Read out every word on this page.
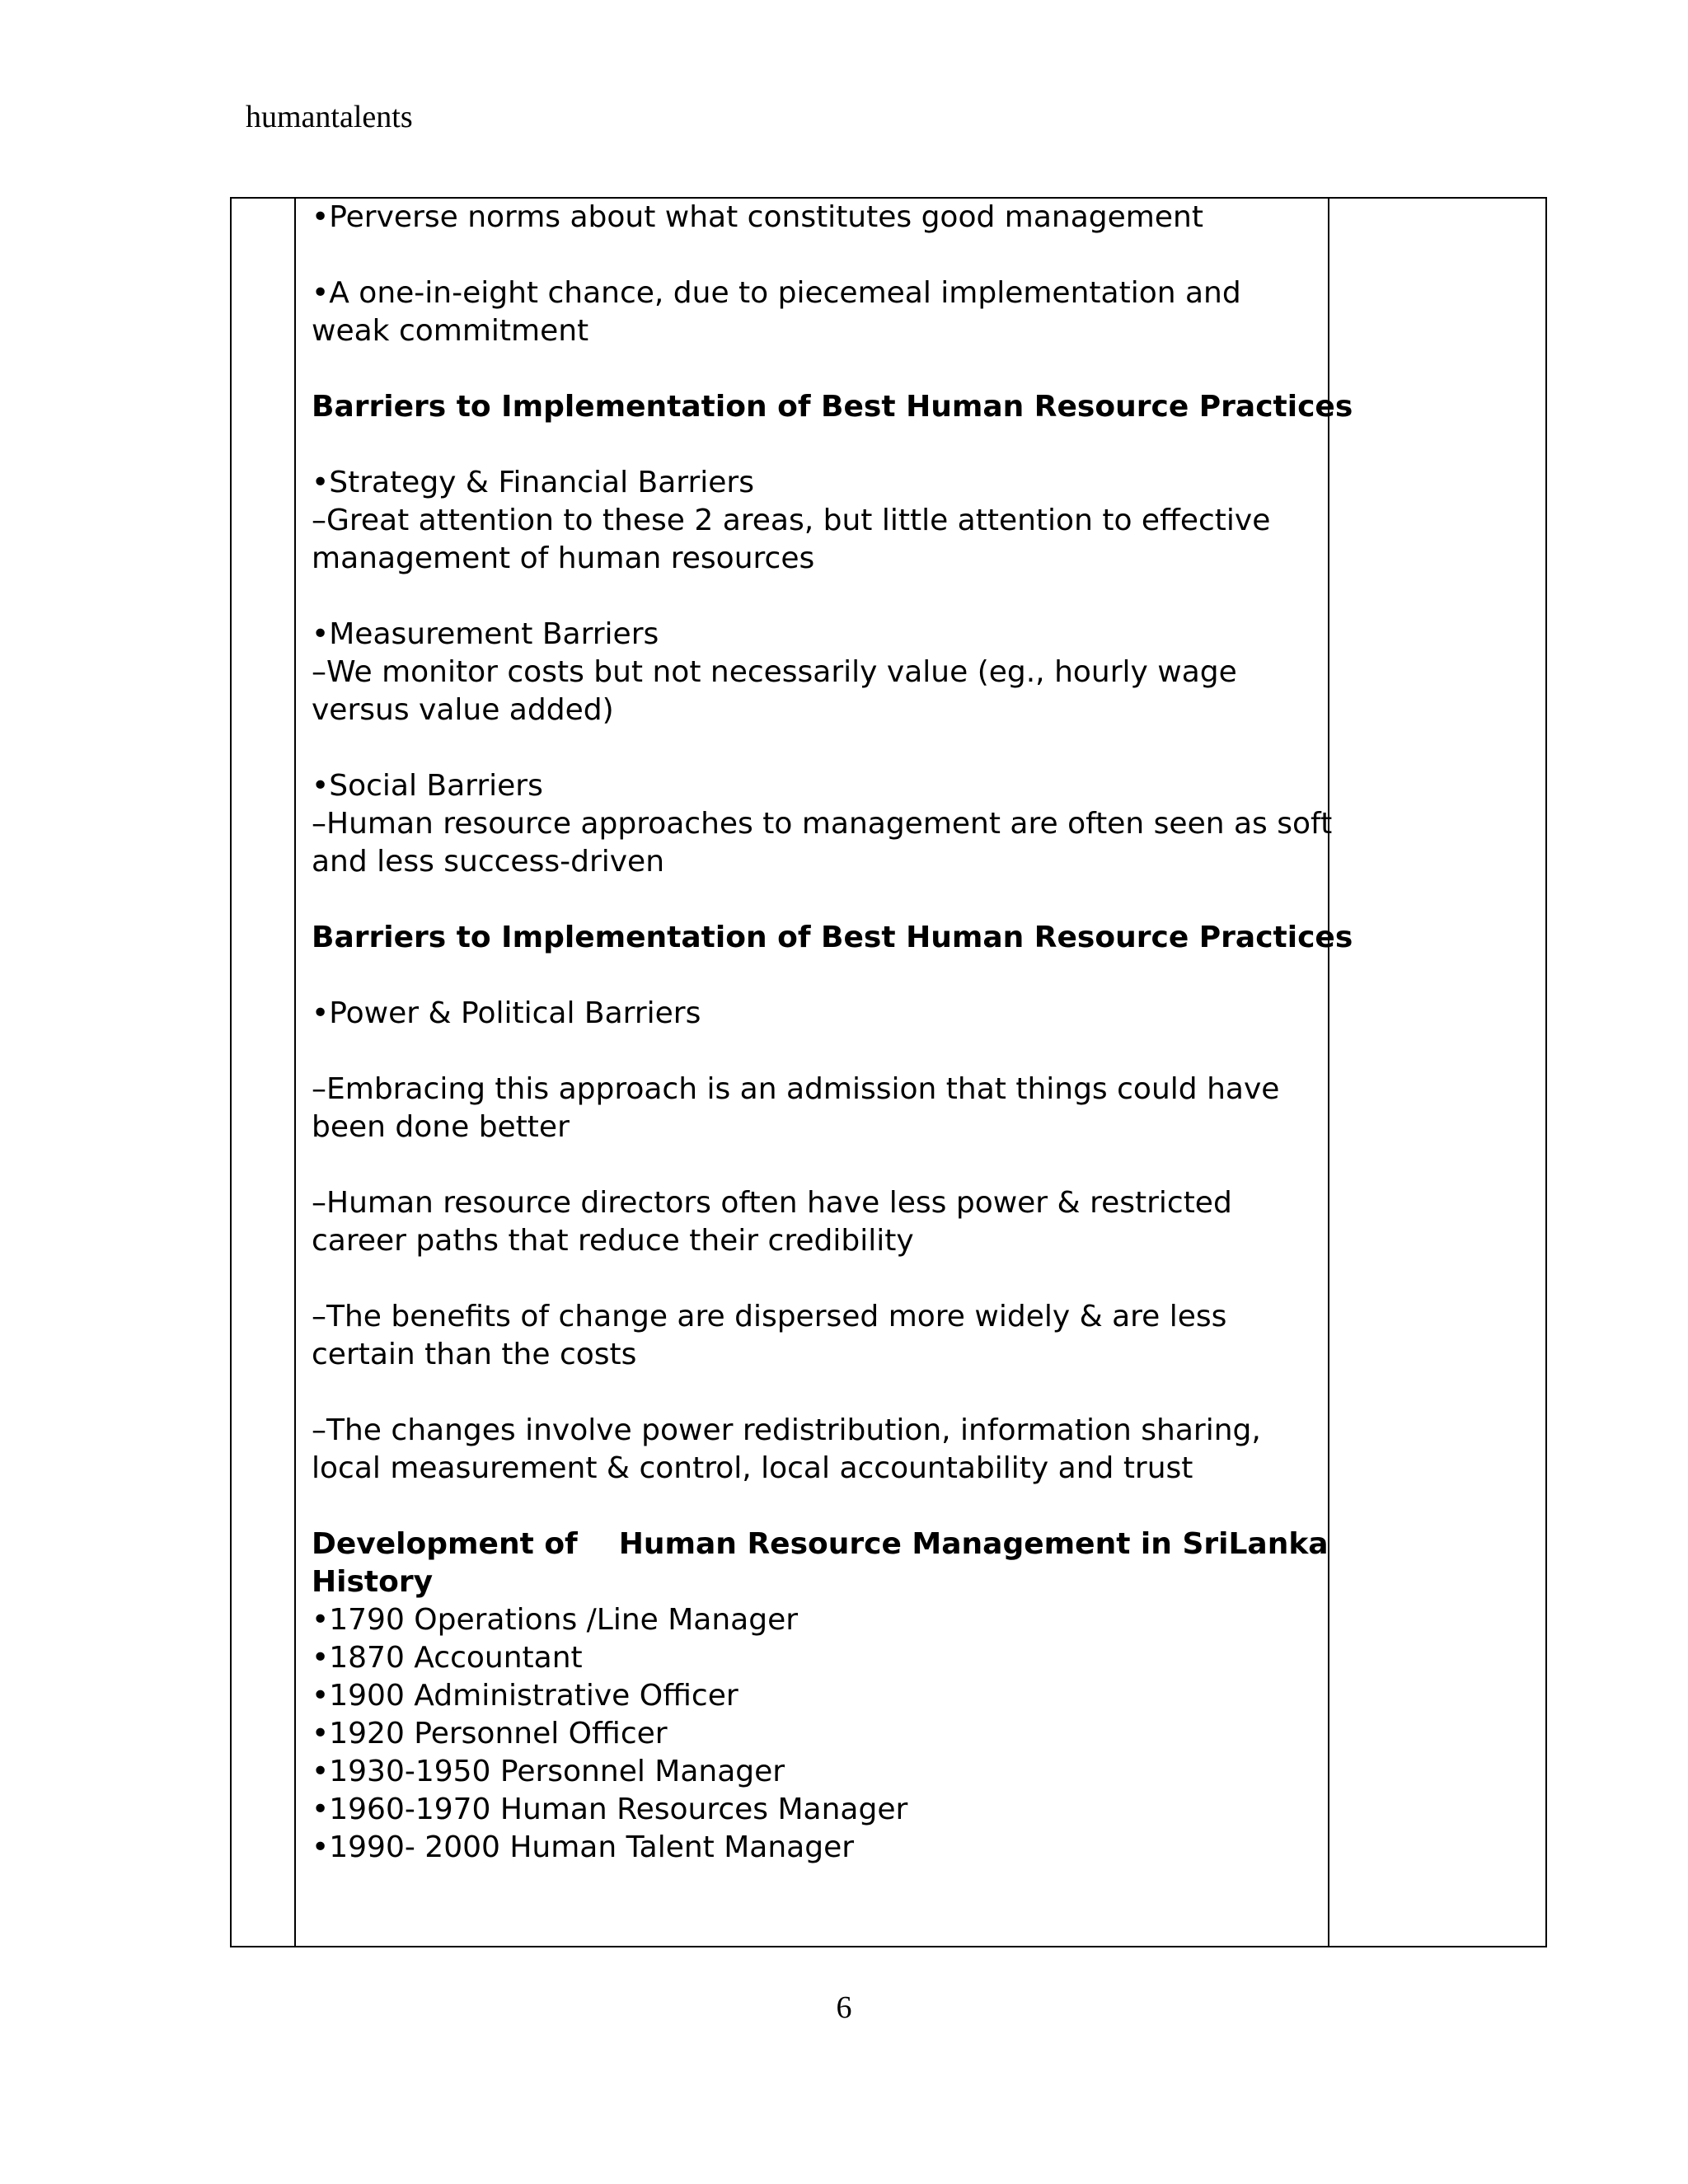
humantalents
•Perverse norms about what constitutes good management
•A one-in-eight chance, due to piecemeal implementation and
weak commitment
Barriers to Implementation of Best Human Resource Practices
•Strategy & Financial Barriers
–Great attention to these 2 areas, but little attention to effective
management of human resources
•Measurement Barriers
–We monitor costs but not necessarily value (eg., hourly wage
versus value added)
•Social Barriers
–Human resource approaches to management are often seen as soft
and less success-driven
Barriers to Implementation of Best Human Resource Practices
•Power & Political Barriers
–Embracing this approach is an admission that things could have
been done better
–Human resource directors often have less power & restricted
career paths that reduce their credibility
–The benefits of change are dispersed more widely & are less
certain than the costs
–The changes involve power redistribution, information sharing,
local measurement & control, local accountability and trust
Development of Human Resource Management in SriLanka
History
•1790 Operations /Line Manager
•1870 Accountant
•1900 Administrative Officer
•1920 Personnel Officer
•1930-1950 Personnel Manager
•1960-1970 Human Resources Manager
•1990- 2000 Human Talent Manager
6
